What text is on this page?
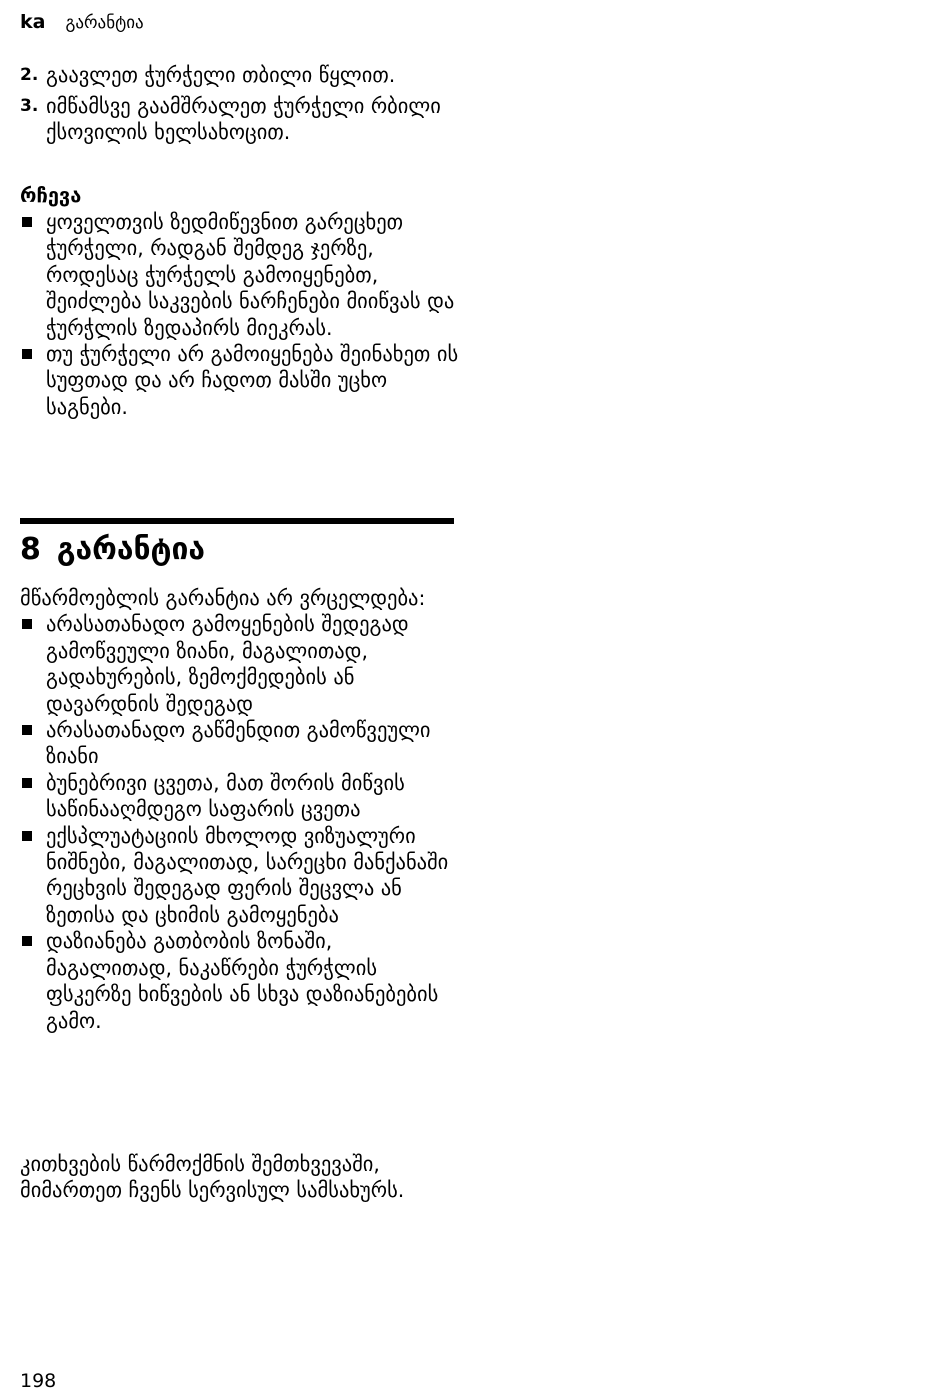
ka გარანტია
2. გაავლეთ ჭურჭელი თბილი წყლით.
3. იმწამსვე გაამშრალეთ ჭურჭელი რბილი ქსოვილის ხელსახოცით.
რჩევა
ყოველთვის ზედმიწევნით გარეცხეთ ჭურჭელი, რადგან შემდეგ ჯერზე, როდესაც ჭურჭელს გამოიყენებთ, შეიძლება საკვების ნარჩენები მიიწვას და ჭურჭლის ზედაპირს მიეკრას.
თუ ჭურჭელი არ გამოიყენება შეინახეთ ის სუფთად და არ ჩადოთ მასში უცხო საგნები.
8 გარანტია
მწარმოებლის გარანტია არ ვრცელდება:
არასათანადო გამოყენების შედეგად გამოწვეული ზიანი, მაგალითად, გადახურების, ზემოქმედების ან დავარდნის შედეგად
არასათანადო გაწმენდით გამოწვეული ზიანი
ბუნებრივი ცვეთა, მათ შორის მიწვის საწინააღმდეგო საფარის ცვეთა
ექსპლუატაციის მხოლოდ ვიზუალური ნიშნები, მაგალითად, სარეცხი მანქანაში რეცხვის შედეგად ფერის შეცვლა ან ზეთისა და ცხიმის გამოყენება
დაზიანება გათბობის ზონაში, მაგალითად, ნაკაწრები ჭურჭლის ფსკერზე ხიწვების ან სხვა დაზიანებების გამო.
კითხვების წარმოქმნის შემთხვევაში, მიმართეთ ჩვენს სერვისულ სამსახურს.
198
